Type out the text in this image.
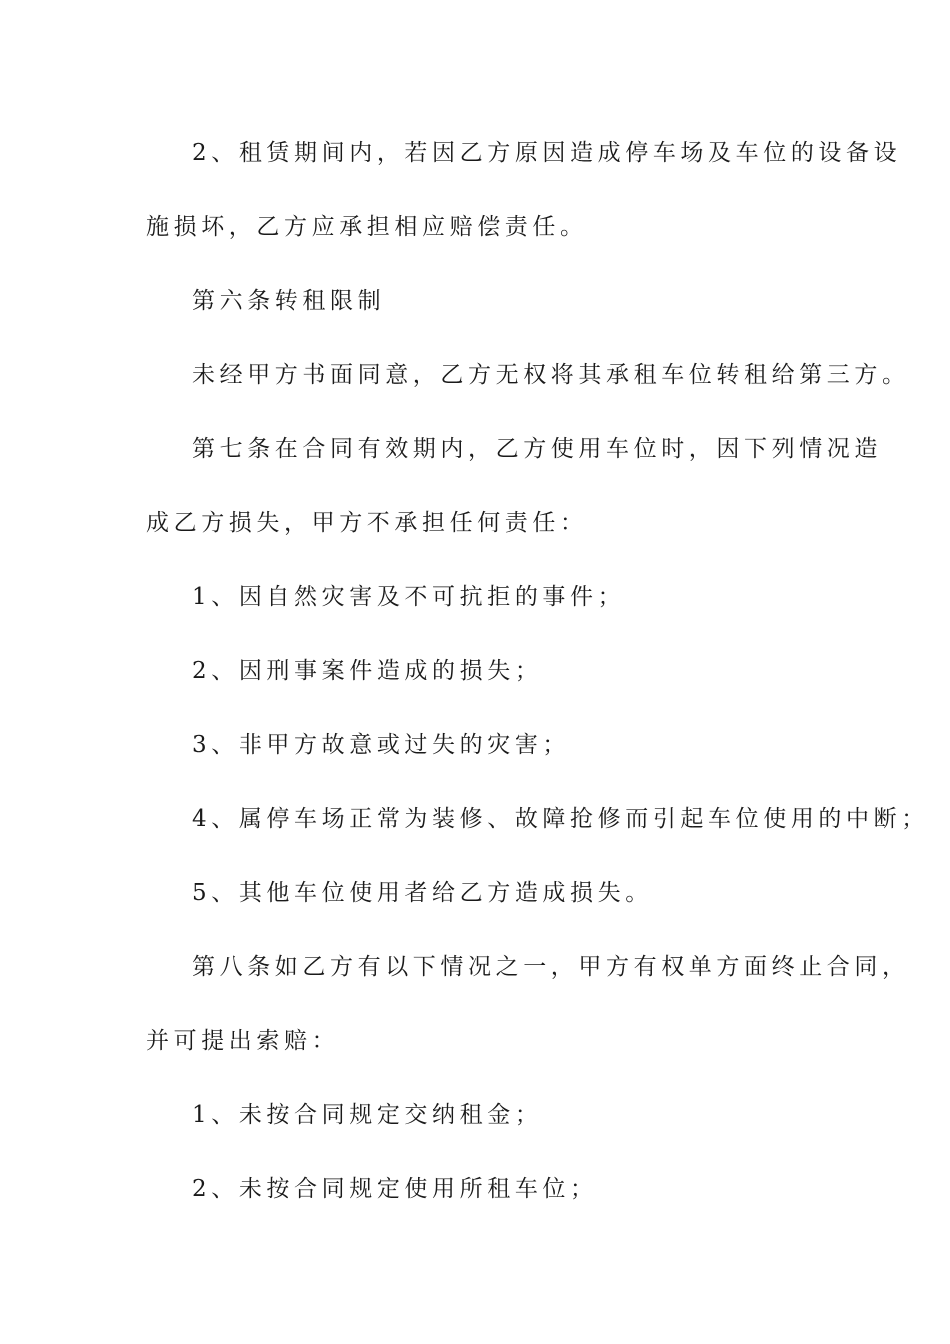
2、租赁期间内，若因乙方原因造成停车场及车位的设备设
施损坏，乙方应承担相应赔偿责任。
第六条转租限制
未经甲方书面同意，乙方无权将其承租车位转租给第三方。
第七条在合同有效期内，乙方使用车位时，因下列情况造
成乙方损失，甲方不承担任何责任：
1、因自然灾害及不可抗拒的事件；
2、因刑事案件造成的损失；
3、非甲方故意或过失的灾害；
4、属停车场正常为装修、故障抢修而引起车位使用的中断；
5、其他车位使用者给乙方造成损失。
第八条如乙方有以下情况之一，甲方有权单方面终止合同，
并可提出索赔：
1、未按合同规定交纳租金；
2、未按合同规定使用所租车位；
